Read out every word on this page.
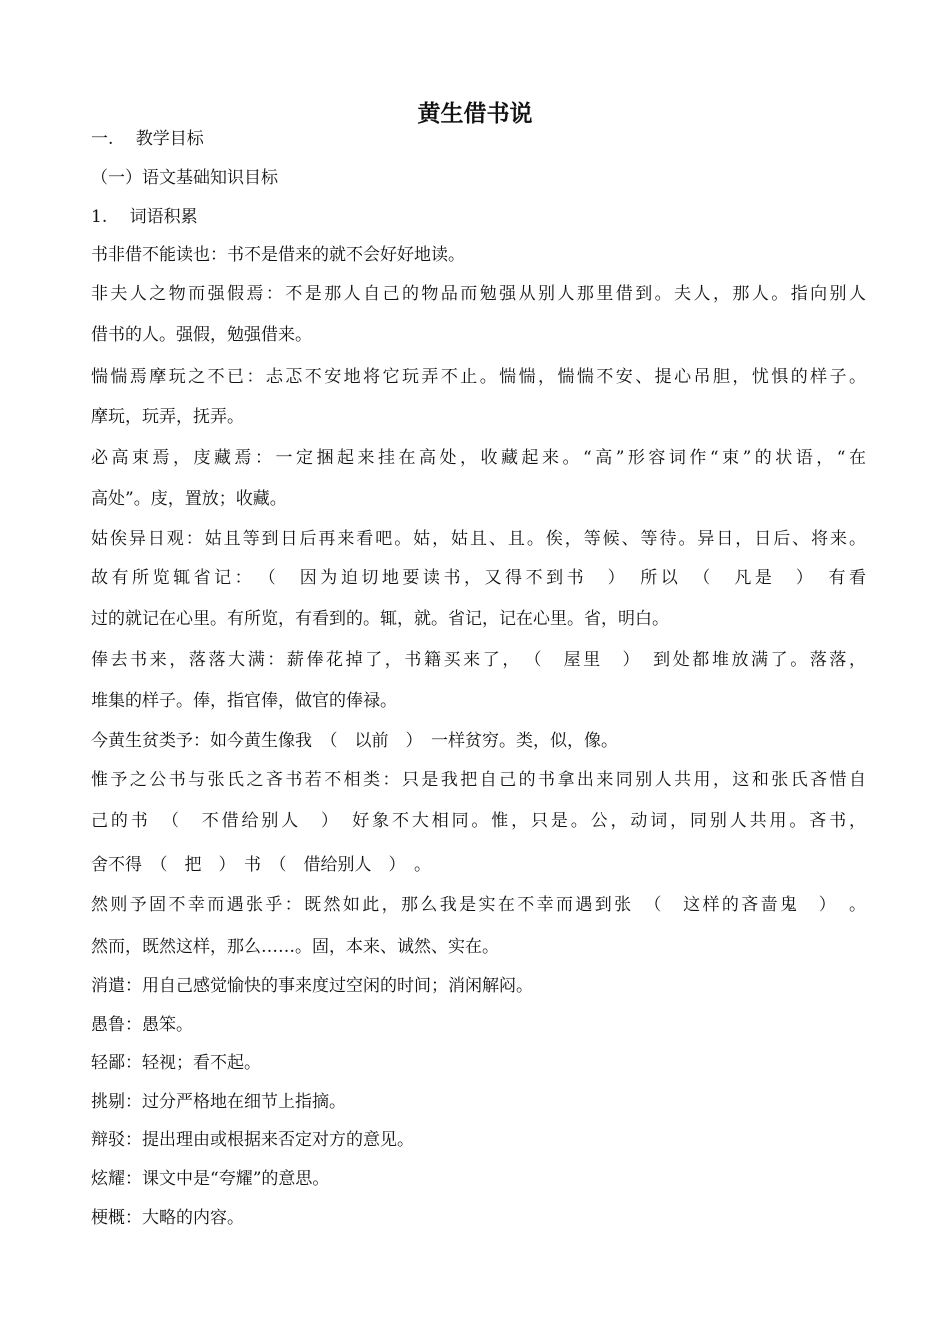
黄生借书说
一.　 教学目标
（一）语文基础知识目标
1.　 词语积累
书非借不能读也：书不是借来的就不会好好地读。
非夫人之物而强假焉：不是那人自己的物品而勉强从别人那里借到。夫人，那人。指向别人
借书的人。强假，勉强借来。
惴惴焉摩玩之不已：忐忑不安地将它玩弄不止。惴惴，惴惴不安、提心吊胆，忧惧的样子。
摩玩，玩弄，抚弄。
必高束焉，庋藏焉：一定捆起来挂在高处，收藏起来。“高”形容词作“束”的状语，“在
高处”。庋，置放；收藏。
姑俟异日观：姑且等到日后再来看吧。姑，姑且、且。俟，等候、等待。异日，日后、将来。
故有所览辄省记：　（　因为迫切地要读书，又得不到书　）　所以　（　凡是　）　有看
过的就记在心里。有所览，有看到的。辄，就。省记，记在心里。省，明白。
俸去书来，落落大满：薪俸花掉了，书籍买来了，　（　屋里　）　到处都堆放满了。落落，
堆集的样子。俸，指官俸，做官的俸禄。
今黄生贫类予：如今黄生像我　（　以前　）　一样贫穷。类，似，像。
惟予之公书与张氏之吝书若不相类：只是我把自己的书拿出来同别人共用，这和张氏吝惜自
己的书　（　不借给别人　）　好象不大相同。惟，只是。公，动词，同别人共用。吝书，
舍不得　（　把　）　书　（　借给别人　）　。
然则予固不幸而遇张乎：既然如此，那么我是实在不幸而遇到张　（　这样的吝啬鬼　）　。
然而，既然这样，那么……。固，本来、诚然、实在。
消遣：用自己感觉愉快的事来度过空闲的时间；消闲解闷。
愚鲁：愚笨。
轻鄙：轻视；看不起。
挑剔：过分严格地在细节上指摘。
辩驳：提出理由或根据来否定对方的意见。
炫耀：课文中是“夸耀”的意思。
梗概：大略的内容。
